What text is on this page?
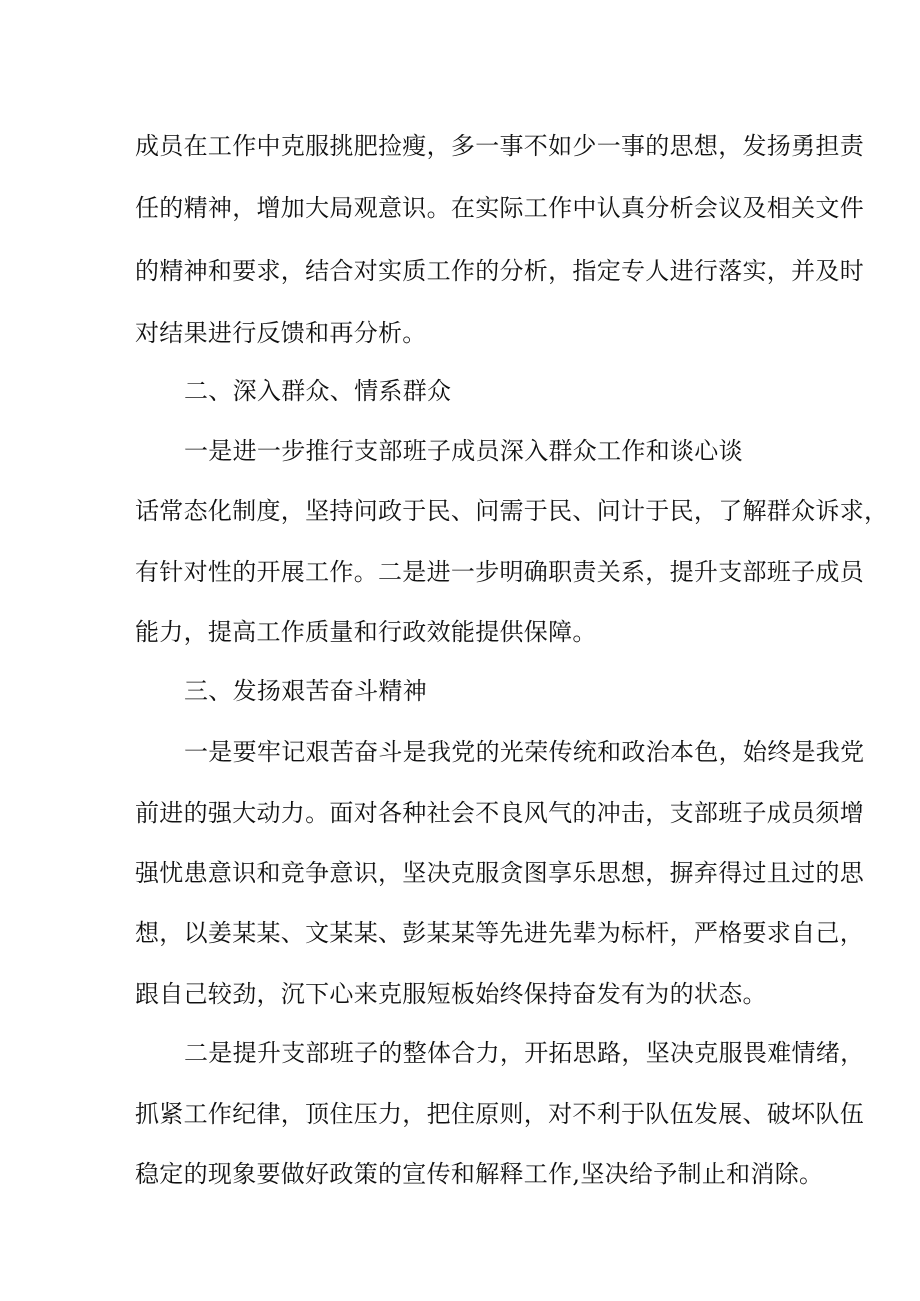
成员在工作中克服挑肥捡瘦，多一事不如少一事的思想，发扬勇担责
任的精神，增加大局观意识。在实际工作中认真分析会议及相关文件
的精神和要求，结合对实质工作的分析，指定专人进行落实，并及时
对结果进行反馈和再分析。
二、深入群众、情系群众
一是进一步推行支部班子成员深入群众工作和谈心谈
话常态化制度，坚持问政于民、问需于民、问计于民，了解群众诉求，
有针对性的开展工作。二是进一步明确职责关系，提升支部班子成员
能力，提高工作质量和行政效能提供保障。
三、发扬艰苦奋斗精神
一是要牢记艰苦奋斗是我党的光荣传统和政治本色，始终是我党
前进的强大动力。面对各种社会不良风气的冲击，支部班子成员须增
强忧患意识和竞争意识，坚决克服贪图享乐思想，摒弃得过且过的思
想，以姜某某、文某某、彭某某等先进先辈为标杆，严格要求自己，
跟自己较劲，沉下心来克服短板始终保持奋发有为的状态。
二是提升支部班子的整体合力，开拓思路，坚决克服畏难情绪，
抓紧工作纪律，顶住压力，把住原则，对不利于队伍发展、破坏队伍
稳定的现象要做好政策的宣传和解释工作,坚决给予制止和消除。
